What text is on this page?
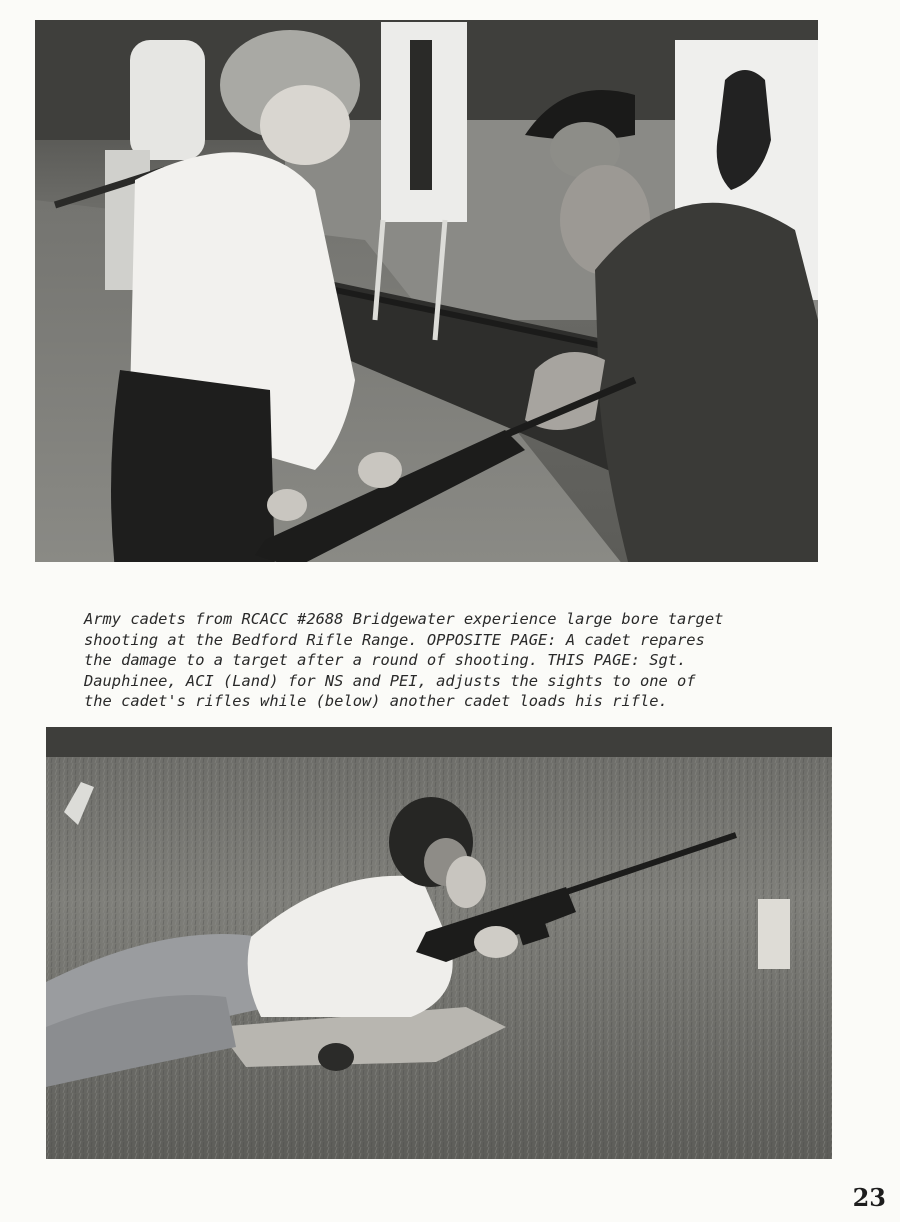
Army cadets from RCACC #2688 Bridgewater experience large bore target
shooting at the Bedford Rifle Range. OPPOSITE PAGE: A cadet repares
the damage to a target after a round of shooting. THIS PAGE: Sgt.
Dauphinee, ACI (Land) for NS and PEI, adjusts the sights to one of
the cadet's rifles while (below) another cadet loads his rifle.

23
